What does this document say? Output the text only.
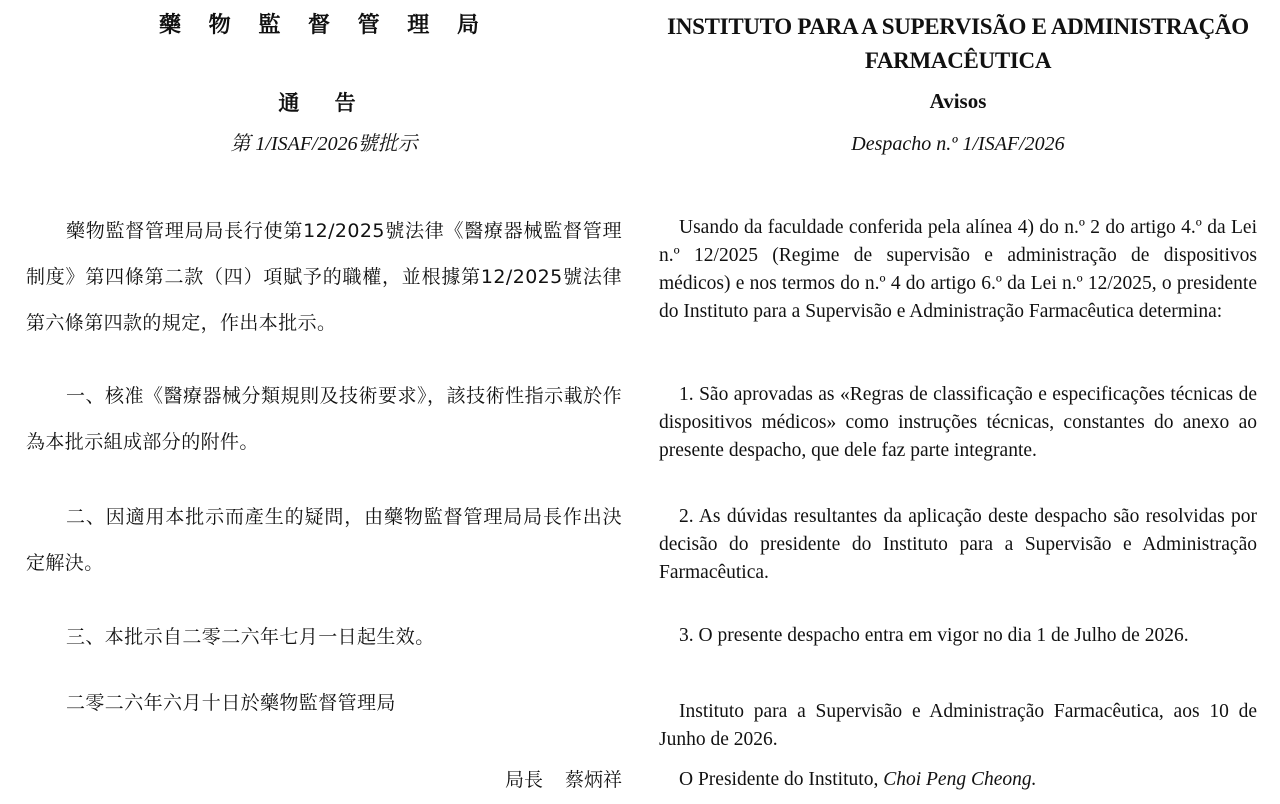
藥 物 監 督 管 理 局
通 告
第 1/ISAF/2026號批示

藥物監督管理局局長行使第12/2025號法律《醫療器械監督管理制度》第四條第二款（四）項賦予的職權，並根據第12/2025號法律第六條第四款的規定，作出本批示。

一、核准《醫療器械分類規則及技術要求》，該技術性指示載於作為本批示組成部分的附件。

二、因適用本批示而產生的疑問，由藥物監督管理局局長作出決定解決。

三、本批示自二零二六年七月一日起生效。

二零二六年六月十日於藥物監督管理局

局長 蔡炳祥
INSTITUTO PARA A SUPERVISÃO E ADMINISTRAÇÃO FARMACÊUTICA
Avisos
Despacho n.º 1/ISAF/2026

Usando da faculdade conferida pela alínea 4) do n.º 2 do artigo 4.º da Lei n.º 12/2025 (Regime de supervisão e administração de dispositivos médicos) e nos termos do n.º 4 do artigo 6.º da Lei n.º 12/2025, o presidente do Instituto para a Supervisão e Administração Farmacêutica determina:

1. São aprovadas as «Regras de classificação e especificações técnicas de dispositivos médicos» como instruções técnicas, constantes do anexo ao presente despacho, que dele faz parte integrante.

2. As dúvidas resultantes da aplicação deste despacho são resolvidas por decisão do presidente do Instituto para a Supervisão e Administração Farmacêutica.

3. O presente despacho entra em vigor no dia 1 de Julho de 2026.

Instituto para a Supervisão e Administração Farmacêutica, aos 10 de Junho de 2026.

O Presidente do Instituto, Choi Peng Cheong.
